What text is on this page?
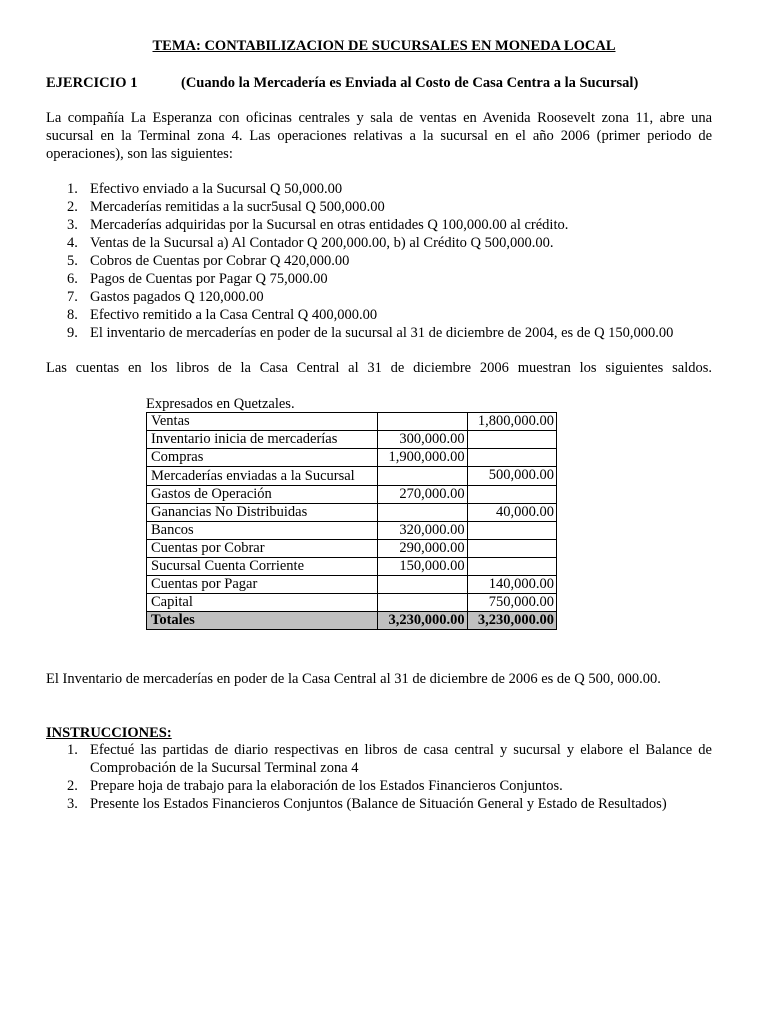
TEMA: CONTABILIZACION DE SUCURSALES EN MONEDA LOCAL
EJERCICIO 1	(Cuando la Mercadería es Enviada al Costo de Casa Centra a la Sucursal)
La compañía La Esperanza con oficinas centrales y sala de ventas en Avenida Roosevelt zona 11, abre una sucursal en la Terminal zona 4. Las operaciones relativas a la sucursal en el año 2006 (primer periodo de operaciones), son las siguientes:
1. Efectivo enviado a la Sucursal Q 50,000.00
2. Mercaderías remitidas a la sucr5usal Q 500,000.00
3. Mercaderías adquiridas por la Sucursal en otras entidades Q 100,000.00 al crédito.
4. Ventas de la Sucursal a) Al Contador Q 200,000.00, b) al Crédito Q 500,000.00.
5. Cobros de Cuentas por Cobrar Q 420,000.00
6. Pagos de Cuentas por Pagar Q 75,000.00
7. Gastos pagados Q 120,000.00
8. Efectivo remitido a la Casa Central Q 400,000.00
9. El inventario de mercaderías en poder de la sucursal al 31 de diciembre de 2004, es de Q 150,000.00
Las cuentas en los libros de la Casa Central al 31 de diciembre 2006 muestran los siguientes saldos.
Expresados en Quetzales.
Ventas		1,800,000.00
Inventario inicia de mercaderías	300,000.00	
Compras	1,900,000.00	
Mercaderías enviadas a la Sucursal		500,000.00
Gastos de Operación	270,000.00	
Ganancias No Distribuidas		40,000.00
Bancos	320,000.00	
Cuentas por Cobrar	290,000.00	
Sucursal Cuenta Corriente	150,000.00	
Cuentas por Pagar		140,000.00
Capital		750,000.00
Totales	3,230,000.00	3,230,000.00
El Inventario de mercaderías en poder de la Casa Central al 31 de diciembre de 2006 es de Q 500, 000.00.
INSTRUCCIONES:
1. Efectué las partidas de diario respectivas en libros de casa central y sucursal y elabore el Balance de Comprobación de la Sucursal Terminal zona 4
2. Prepare hoja de trabajo para la elaboración de los Estados Financieros Conjuntos.
3. Presente los Estados Financieros Conjuntos (Balance de Situación General y Estado de Resultados)
